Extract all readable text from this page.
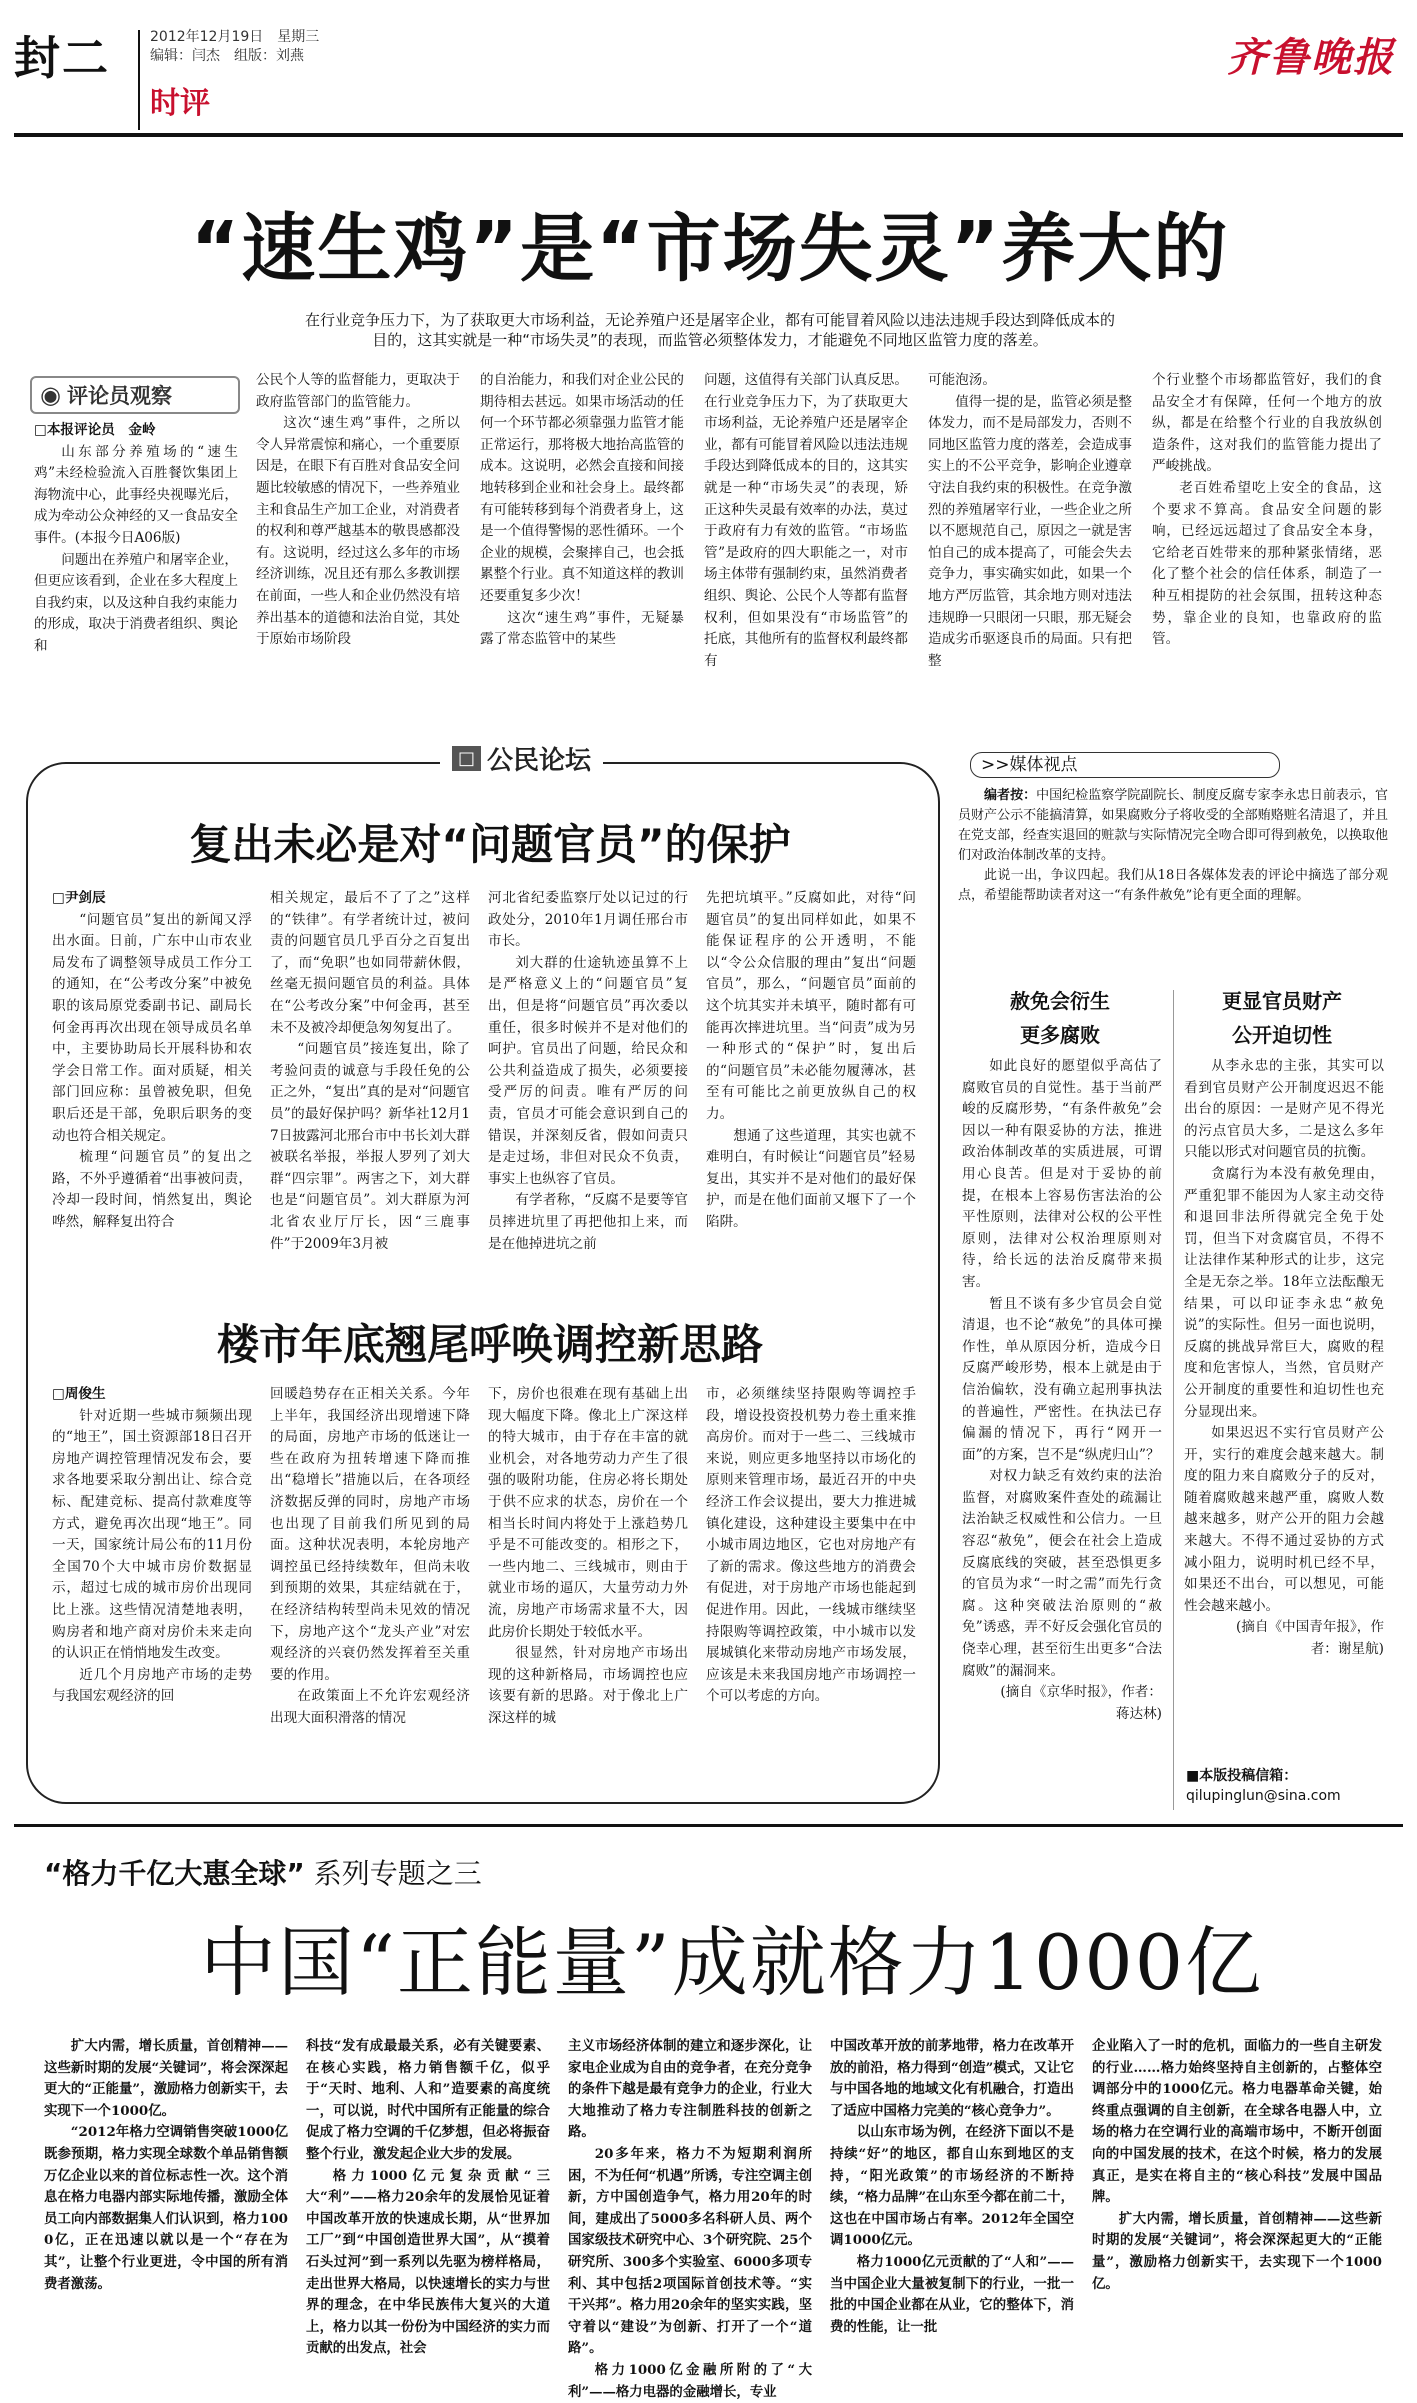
封二	2012年12月19日　星期三
编辑：闫杰　组版：刘燕
时评
齐鲁晚报
“速生鸡”是“市场失灵”养大的
在行业竞争压力下，为了获取更大市场利益，无论养殖户还是屠宰企业，都有可能冒着风险以违法违规手段达到降低成本的
目的，这其实就是一种“市场失灵”的表现，而监管必须整体发力，才能避免不同地区监管力度的落差。
◉ 评论员观察

□本报评论员　金岭

山东部分养殖场的“速生鸡”未经检验流入百胜餐饮集团上海物流中心，此事经央视曝光后，成为牵动公众神经的又一食品安全事件。(本报今日A06版)

问题出在养殖户和屠宰企业，但更应该看到，企业在多大程度上自我约束，以及这种自我约束能力的形成，取决于消费者组织、舆论和

公民个人等的监督能力，更取决于政府监管部门的监管能力。

这次“速生鸡”事件，之所以令人异常震惊和痛心，一个重要原因是，在眼下有百胜对食品安全问题比较敏感的情况下，一些养殖业主和食品生产加工企业，对消费者的权利和尊严越基本的敬畏感都没有。这说明，经过这么多年的市场经济训练，况且还有那么多教训摆在前面，一些人和企业仍然没有培养出基本的道德和法治自觉，其处于原始市场阶段

的自治能力，和我们对企业公民的期待相去甚远。如果市场活动的任何一个环节都必须靠强力监管才能正常运行，那将极大地抬高监管的成本。这说明，必然会直接和间接地转移到企业和社会身上。最终都有可能转移到每个消费者身上，这是一个值得警惕的恶性循环。一个企业的规模，会聚摔自己，也会抵累整个行业。真不知道这样的教训还要重复多少次！

这次“速生鸡”事件，无疑暴露了常态监管中的某些

问题，这值得有关部门认真反思。在行业竞争压力下，为了获取更大市场利益，无论养殖户还是屠宰企业，都有可能冒着风险以违法违规手段达到降低成本的目的，这其实就是一种“市场失灵”的表现，矫正这种失灵最有效率的办法，莫过于政府有力有效的监管。“市场监管”是政府的四大职能之一，对市场主体带有强制约束，虽然消费者组织、舆论、公民个人等都有监督权利，但如果没有“市场监管”的托底，其他所有的监督权利最终都有

可能泡汤。

值得一提的是，监管必须是整体发力，而不是局部发力，否则不同地区监管力度的落差，会造成事实上的不公平竞争，影响企业遵章守法自我约束的积极性。在竞争激烈的养殖屠宰行业，一些企业之所以不愿规范自己，原因之一就是害怕自己的成本提高了，可能会失去竞争力，事实确实如此，如果一个地方严厉监管，其余地方则对违法违规睁一只眼闭一只眼，那无疑会造成劣币驱逐良币的局面。只有把整

个行业整个市场都监管好，我们的食品安全才有保障，任何一个地方的放纵，都是在给整个行业的自我放纵创造条件，这对我们的监管能力提出了严峻挑战。

老百姓希望吃上安全的食品，这个要求不算高。食品安全问题的影响，已经远远超过了食品安全本身，它给老百姓带来的那种紧张情绪，恶化了整个社会的信任体系，制造了一种互相提防的社会氛围，扭转这种态势，靠企业的良知，也靠政府的监管。

□ 公民论坛
复出未必是对“问题官员”的保护

□尹剑辰

“问题官员”复出的新闻又浮出水面。日前，广东中山市农业局发布了调整领导成员工作分工的通知，在“公考改分案”中被免职的该局原党委副书记、副局长何金再再次出现在领导成员名单中，主要协助局长开展科协和农学会日常工作。面对质疑，相关部门回应称：虽曾被免职，但免职后还是干部，免职后职务的变动也符合相关规定。

梳理“问题官员”的复出之路，不外乎遵循着“出事被问责，冷却一段时间，悄然复出，舆论哗然，解释复出符合

相关规定，最后不了了之”这样的“铁律”。有学者统计过，被问责的问题官员几乎百分之百复出了，而“免职”也如同带薪休假，丝毫无损问题官员的利益。具体在“公考改分案”中何金再，甚至未不及被冷却便急匆匆复出了。

“问题官员”接连复出，除了考验问责的诚意与手段任免的公正之外，“复出”真的是对“问题官员”的最好保护吗？新华社12月17日披露河北邢台市中书长刘大群被联名举报，举报人罗列了刘大群“四宗罪”。两害之下，刘大群也是“问题官员”。刘大群原为河北省农业厅厅长，因“三鹿事件”于2009年3月被

河北省纪委监察厅处以记过的行政处分，2010年1月调任邢台市市长。

刘大群的仕途轨迹虽算不上是严格意义上的“问题官员”复出，但是将“问题官员”再次委以重任，很多时候并不是对他们的呵护。官员出了问题，给民众和公共利益造成了损失，必须要接受严厉的问责。唯有严厉的问责，官员才可能会意识到自己的错误，并深刻反省，假如问责只是走过场，非但对民众不负责，事实上也纵容了官员。

有学者称，“反腐不是要等官员摔进坑里了再把他扣上来，而是在他掉进坑之前

先把坑填平。”反腐如此，对待“问题官员”的复出同样如此，如果不能保证程序的公开透明，不能以“令公众信服的理由”复出“问题官员”，那么，“问题官员”面前的这个坑其实并未填平，随时都有可能再次摔进坑里。当“问责”成为另一种形式的“保护”时，复出后的“问题官员”未必能勿履薄冰，甚至有可能比之前更放纵自己的权力。

想通了这些道理，其实也就不难明白，有时候让“问题官员”轻易复出，其实并不是对他们的最好保护，而是在他们面前又堰下了一个陷阱。

楼市年底翘尾呼唤调控新思路

□周俊生

针对近期一些城市频频出现的“地王”，国土资源部18日召开房地产调控管理情况发布会，要求各地要采取分割出让、综合竞标、配建竞标、提高付款难度等方式，避免再次出现“地王”。同一天，国家统计局公布的11月份全国70个大中城市房价数据显示，超过七成的城市房价出现同比上涨。这些情况清楚地表明，购房者和地产商对房价未来走向的认识正在悄悄地发生改变。

近几个月房地产市场的走势与我国宏观经济的回

回暖趋势存在正相关关系。今年上半年，我国经济出现增速下降的局面，房地产市场的低迷让一些在政府为扭转增速下降而推出“稳增长”措施以后，在各项经济数据反弹的同时，房地产市场也出现了目前我们所见到的局面。这种状况表明，本轮房地产调控虽已经持续数年，但尚未收到预期的效果，其症结就在于，在经济结构转型尚未见效的情况下，房地产这个“龙头产业”对宏观经济的兴衰仍然发挥着至关重要的作用。

在政策面上不允许宏观经济出现大面积滑落的情况

下，房价也很难在现有基础上出现大幅度下降。像北上广深这样的特大城市，由于存在丰富的就业机会，对各地劳动力产生了很强的吸附功能，住房必将长期处于供不应求的状态，房价在一个相当长时间内将处于上涨趋势几乎是不可能改变的。相形之下，一些内地二、三线城市，则由于就业市场的逼仄，大量劳动力外流，房地产市场需求量不大，因此房价长期处于较低水平。

很显然，针对房地产市场出现的这种新格局，市场调控也应该要有新的思路。对于像北上广深这样的城

市，必须继续坚持限购等调控手段，增设投资投机势力卷土重来推高房价。而对于一些二、三线城市来说，则应更多地坚持以市场化的原则来管理市场，最近召开的中央经济工作会议提出，要大力推进城镇化建设，这种建设主要集中在中小城市周边地区，它也对房地产有了新的需求。像这些地方的消费会有促进，对于房地产市场也能起到促进作用。因此，一线城市继续坚持限购等调控政策，中小城市以发展城镇化来带动房地产市场发展，应该是未来我国房地产市场调控一个可以考虑的方向。

>>媒体视点

编者按：中国纪检监察学院副院长、制度反腐专家李永忠日前表示，官员财产公示不能搞清算，如果腐败分子将收受的全部贿赂赃名清退了，并且在党支部，经查实退回的赃款与实际情况完全吻合即可得到赦免，以换取他们对政治体制改革的支持。

此说一出，争议四起。我们从18日各媒体发表的评论中摘选了部分观点，希望能帮助读者对这一“有条件赦免”论有更全面的理解。

赦免会衍生
更多腐败

如此良好的愿望似乎高估了腐败官员的自觉性。基于当前严峻的反腐形势，“有条件赦免”会因以一种有限妥协的方法，推进政治体制改革的实质进展，可谓用心良苦。但是对于妥协的前提，在根本上容易伤害法治的公平性原则，法律对公权的公平性原则，法律对公权治理原则对待，给长远的法治反腐带来损害。

暂且不谈有多少官员会自觉清退，也不论“赦免”的具体可操作性，单从原因分析，造成今日反腐严峻形势，根本上就是由于信治偏软，没有确立起刑事执法的普遍性，严密性。在执法已存偏漏的情况下，再行“网开一面”的方案，岂不是“纵虎归山”？

对权力缺乏有效约束的法治监督，对腐败案件查处的疏漏让法治缺乏权威性和公信力。一旦容忍“赦免”，便会在社会上造成反腐底线的突破，甚至恐惧更多的官员为求“一时之需”而先行贪腐。这种突破法治原则的“赦免”诱惑，弄不好反会强化官员的侥幸心理，甚至衍生出更多“合法腐败”的漏洞来。

(摘自《京华时报》，作者：蒋达林)

更显官员财产
公开迫切性

从李永忠的主张，其实可以看到官员财产公开制度迟迟不能出台的原因：一是财产见不得光的污点官员大多，二是这么多年只能以形式对问题官员的抗衡。

贪腐行为本没有赦免理由，严重犯罪不能因为人家主动交待和退回非法所得就完全免于处罚，但当下对贪腐官员，不得不让法律作某种形式的让步，这完全是无奈之举。18年立法酝酿无结果，可以印证李永忠“赦免说”的实际性。但另一面也说明，反腐的挑战异常巨大，腐败的程度和危害惊人，当然，官员财产公开制度的重要性和迫切性也充分显现出来。

如果迟迟不实行官员财产公开，实行的难度会越来越大。制度的阻力来自腐败分子的反对，随着腐败越来越严重，腐败人数越来越多，财产公开的阻力会越来越大。不得不通过妥协的方式减小阻力，说明时机已经不早，如果还不出台，可以想见，可能性会越来越小。

(摘自《中国青年报》，作者：谢星航)

■本版投稿信箱：
qilupinglun@sina.com
“格力千亿大惠全球” 系列专题之三
中国“正能量”成就格力1000亿

扩大内需，增长质量，首创精神——这些新时期的发展“关键词”，将会深深起更大的“正能量”，激励格力创新实干，去实现下一个1000亿。

“2012年格力空调销售突破1000亿既参预期，格力实现全球数个单品销售额万亿企业以来的首位标志性一次。这个消息在格力电器内部实际地传播，激励全体员工向内部数据集人们认识到，格力1000亿，正在迅速以就以是一个“存在为其”，让整个行业更进，令中国的所有消费者激荡。

科技“发有成最最关系，必有关键要素、在核心实践，格力销售额千亿，似乎于“天时、地利、人和”造要素的高度统一，可以说，时代中国所有正能量的综合促成了格力空调的千亿梦想，但必将振奋整个行业，激发起企业大步的发展。

格力1000亿元复杂贡献“三大“利”——格力20余年的发展恰见证着中国改革开放的快速成长期，从“世界加工厂”到“中国创造世界大国”，从“摸着石头过河”到一系列以先驱为榜样格局，走出世界大格局，以快速增长的实力与世界的理念，在中华民族伟大复兴的大道上，格力以其一份份为中国经济的实力而贡献的出发点，社会

主义市场经济体制的建立和逐步深化，让家电企业成为自由的竞争者，在充分竞争的条件下越是最有竞争力的企业，行业大大地推动了格力专注制胜科技的创新之路。

20多年来，格力不为短期利润所困，不为任何“机遇”所诱，专注空调主创新，方中国创造争气，格力用20年的时间，建成出了5000多名科研人员、两个国家级技术研究中心、3个研究院、25个研究所、300多个实验室、6000多项专利、其中包括2项国际首创技术等。“实干兴邦”。格力用20余年的坚实实践，坚守着以“建设”为创新、打开了一个“道路”。

格力1000亿金融所附的了“大利”——格力电器的金融增长，专业

中国改革开放的前茅地带，格力在改革开放的前沿，格力得到“创造”模式，又让它与中国各地的地域文化有机融合，打造出了适应中国格力完美的“核心竞争力”。

以山东市场为例，在经济下面以不是持续“好”的地区，都自山东到地区的支持，“阳光政策”的市场经济的不断持续，“格力品牌”在山东至今都在前二十，这也在中国市场占有率。2012年全国空调1000亿元。

格力1000亿元贡献的了“人和”——当中国企业大量被复制下的行业，一批一批的中国企业都在从业，它的整体下，消费的性能，让一批

企业陷入了一时的危机，面临力的一些自主研发的行业……格力始终坚持自主创新的，占整体空调部分中的1000亿元。格力电器革命关键，始终重点强调的自主创新，在全球各电器人中，立场的格力在空调行业的高端市场中，不断开创面向的中国发展的技术，在这个时候，格力的发展真正，是实在将自主的“核心科技”发展中国品牌。

扩大内需，增长质量，首创精神——这些新时期的发展“关键词”，将会深深起更大的“正能量”，激励格力创新实干，去实现下一个1000亿。
